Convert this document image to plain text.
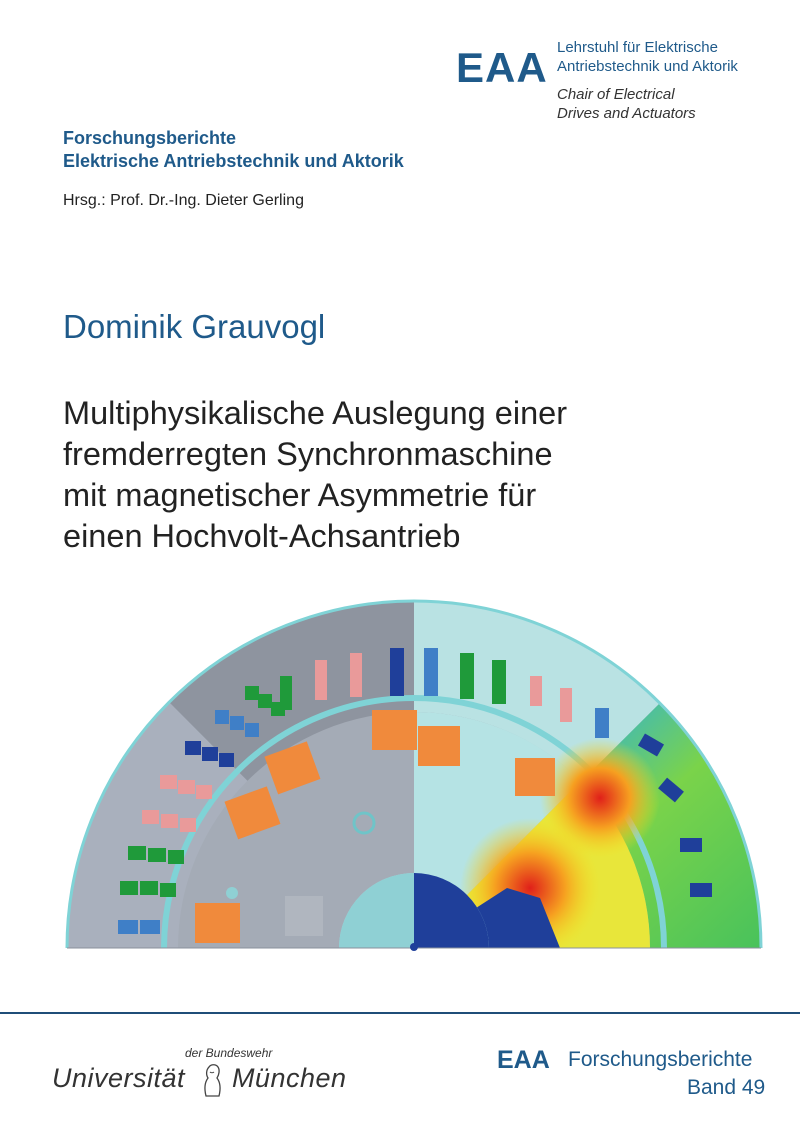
EAA Lehrstuhl für Elektrische
Antriebstechnik und Aktorik
Chair of Electrical
Drives and Actuators
Forschungsberichte
Elektrische Antriebstechnik und Aktorik
Hrsg.: Prof. Dr.-Ing. Dieter Gerling
Dominik Grauvogl
Multiphysikalische Auslegung einer
fremderregten Synchronmaschine
mit magnetischer Asymmetrie für
einen Hochvolt-Achsantrieb
der Bundeswehr
Universität München
EAA Forschungsberichte
Band 49
